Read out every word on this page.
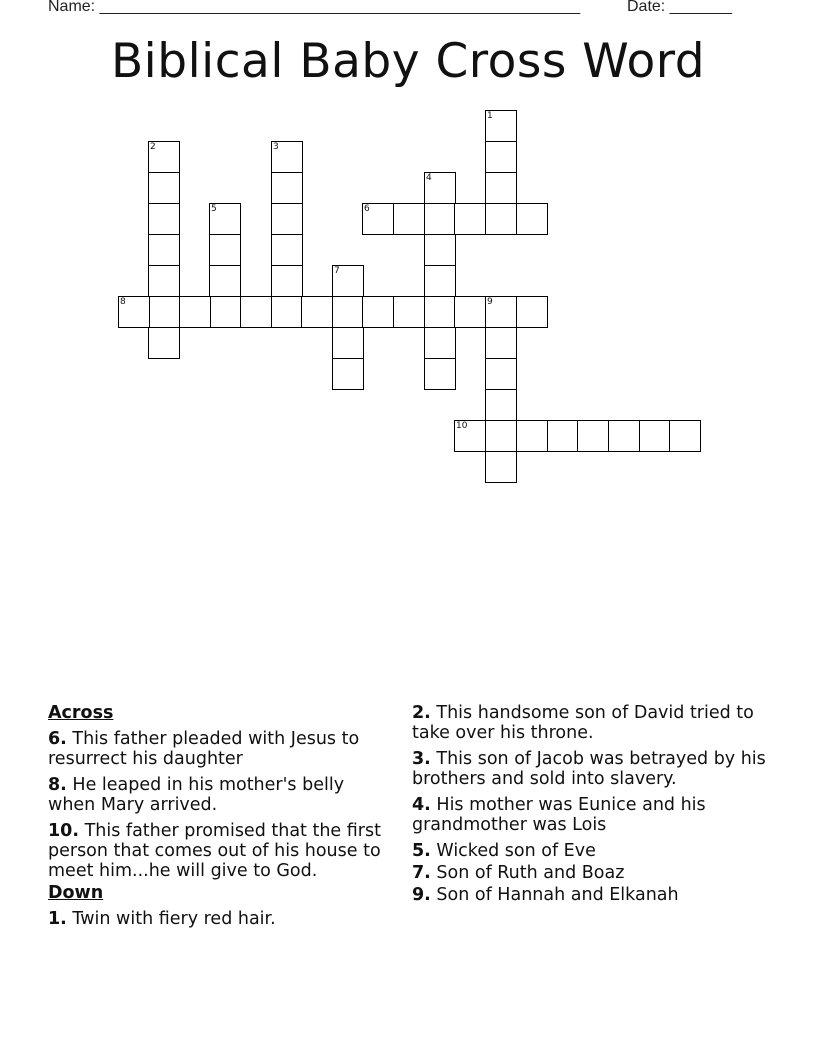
Name: ______________________________________________________	Date: _______
Biblical Baby Cross Word
1
2	3
4
5	6
7
8	9
10
Across
6. This father pleaded with Jesus to resurrect his daughter
8. He leaped in his mother's belly when Mary arrived.
10. This father promised that the first person that comes out of his house to meet him...he will give to God.
Down
1. Twin with fiery red hair.
2. This handsome son of David tried to take over his throne.
3. This son of Jacob was betrayed by his brothers and sold into slavery.
4. His mother was Eunice and his grandmother was Lois
5. Wicked son of Eve
7. Son of Ruth and Boaz
9. Son of Hannah and Elkanah
